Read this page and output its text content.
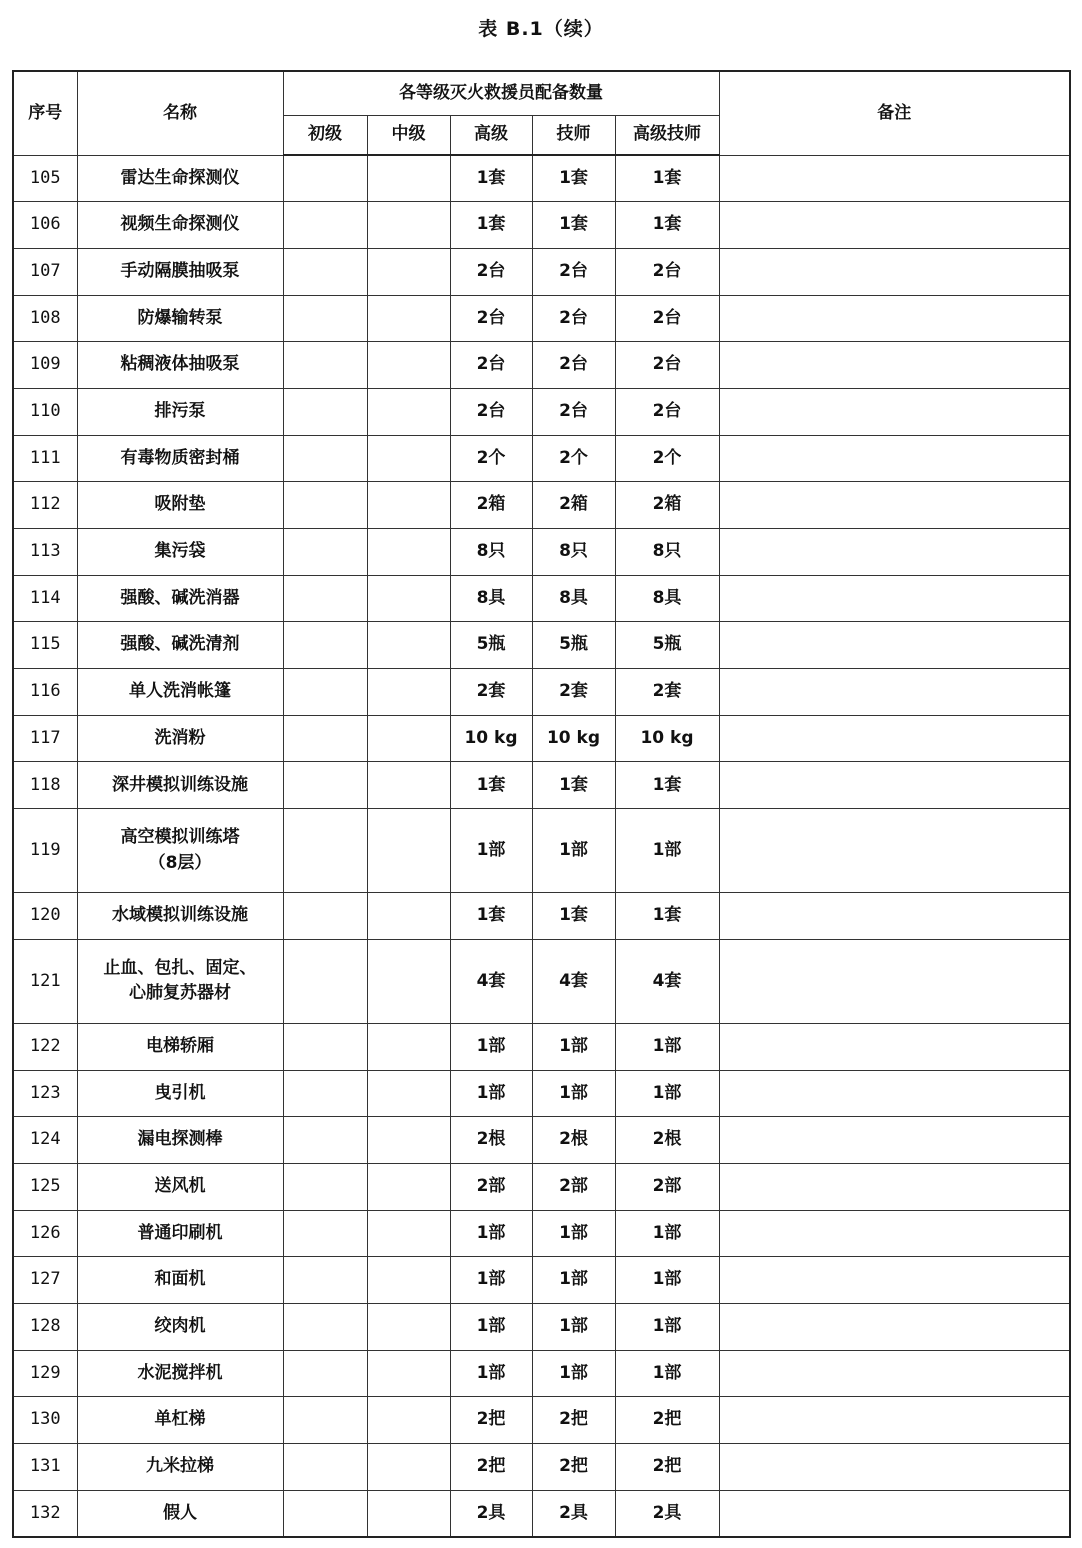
表 B.1（续）
序号	名称	各等级灭火救援员配备数量					备注
		初级	中级	高级	技师	高级技师	
105	雷达生命探测仪			1套	1套	1套	
106	视频生命探测仪			1套	1套	1套	
107	手动隔膜抽吸泵			2台	2台	2台	
108	防爆输转泵			2台	2台	2台	
109	粘稠液体抽吸泵			2台	2台	2台	
110	排污泵			2台	2台	2台	
111	有毒物质密封桶			2个	2个	2个	
112	吸附垫			2箱	2箱	2箱	
113	集污袋			8只	8只	8只	
114	强酸、碱洗消器			8具	8具	8具	
115	强酸、碱洗清剂			5瓶	5瓶	5瓶	
116	单人洗消帐篷			2套	2套	2套	
117	洗消粉			10 kg	10 kg	10 kg	
118	深井模拟训练设施			1套	1套	1套	
119	高空模拟训练塔
（8层）			1部	1部	1部	
120	水域模拟训练设施			1套	1套	1套	
121	止血、包扎、固定、
心肺复苏器材			4套	4套	4套	
122	电梯轿厢			1部	1部	1部	
123	曳引机			1部	1部	1部	
124	漏电探测棒			2根	2根	2根	
125	送风机			2部	2部	2部	
126	普通印刷机			1部	1部	1部	
127	和面机			1部	1部	1部	
128	绞肉机			1部	1部	1部	
129	水泥搅拌机			1部	1部	1部	
130	单杠梯			2把	2把	2把	
131	九米拉梯			2把	2把	2把	
132	假人			2具	2具	2具	
